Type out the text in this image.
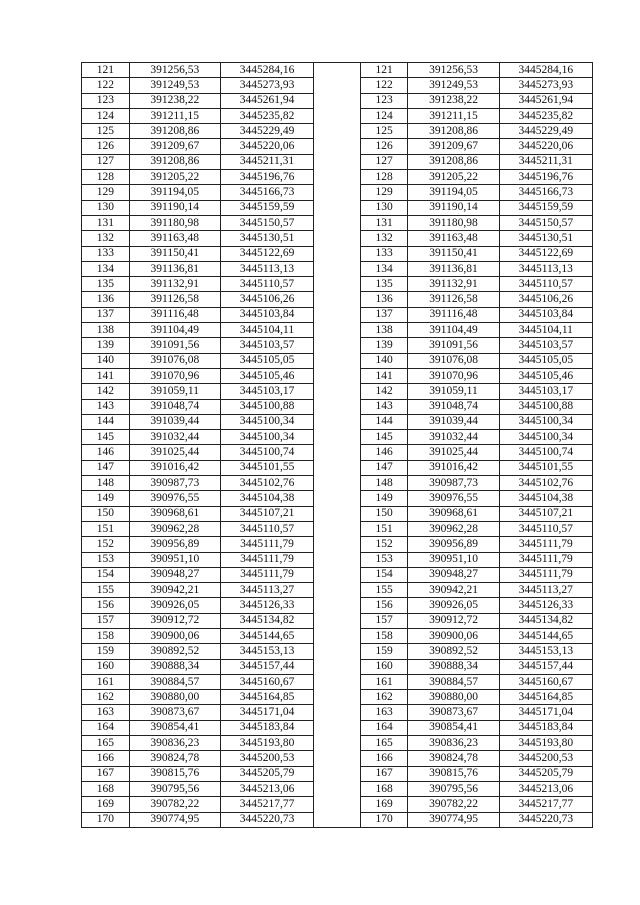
121	391256,53	3445284,16		121	391256,53	3445284,16
122	391249,53	3445273,93		122	391249,53	3445273,93
123	391238,22	3445261,94		123	391238,22	3445261,94
124	391211,15	3445235,82		124	391211,15	3445235,82
125	391208,86	3445229,49		125	391208,86	3445229,49
126	391209,67	3445220,06		126	391209,67	3445220,06
127	391208,86	3445211,31		127	391208,86	3445211,31
128	391205,22	3445196,76		128	391205,22	3445196,76
129	391194,05	3445166,73		129	391194,05	3445166,73
130	391190,14	3445159,59		130	391190,14	3445159,59
131	391180,98	3445150,57		131	391180,98	3445150,57
132	391163,48	3445130,51		132	391163,48	3445130,51
133	391150,41	3445122,69		133	391150,41	3445122,69
134	391136,81	3445113,13		134	391136,81	3445113,13
135	391132,91	3445110,57		135	391132,91	3445110,57
136	391126,58	3445106,26		136	391126,58	3445106,26
137	391116,48	3445103,84		137	391116,48	3445103,84
138	391104,49	3445104,11		138	391104,49	3445104,11
139	391091,56	3445103,57		139	391091,56	3445103,57
140	391076,08	3445105,05		140	391076,08	3445105,05
141	391070,96	3445105,46		141	391070,96	3445105,46
142	391059,11	3445103,17		142	391059,11	3445103,17
143	391048,74	3445100,88		143	391048,74	3445100,88
144	391039,44	3445100,34		144	391039,44	3445100,34
145	391032,44	3445100,34		145	391032,44	3445100,34
146	391025,44	3445100,74		146	391025,44	3445100,74
147	391016,42	3445101,55		147	391016,42	3445101,55
148	390987,73	3445102,76		148	390987,73	3445102,76
149	390976,55	3445104,38		149	390976,55	3445104,38
150	390968,61	3445107,21		150	390968,61	3445107,21
151	390962,28	3445110,57		151	390962,28	3445110,57
152	390956,89	3445111,79		152	390956,89	3445111,79
153	390951,10	3445111,79		153	390951,10	3445111,79
154	390948,27	3445111,79		154	390948,27	3445111,79
155	390942,21	3445113,27		155	390942,21	3445113,27
156	390926,05	3445126,33		156	390926,05	3445126,33
157	390912,72	3445134,82		157	390912,72	3445134,82
158	390900,06	3445144,65		158	390900,06	3445144,65
159	390892,52	3445153,13		159	390892,52	3445153,13
160	390888,34	3445157,44		160	390888,34	3445157,44
161	390884,57	3445160,67		161	390884,57	3445160,67
162	390880,00	3445164,85		162	390880,00	3445164,85
163	390873,67	3445171,04		163	390873,67	3445171,04
164	390854,41	3445183,84		164	390854,41	3445183,84
165	390836,23	3445193,80		165	390836,23	3445193,80
166	390824,78	3445200,53		166	390824,78	3445200,53
167	390815,76	3445205,79		167	390815,76	3445205,79
168	390795,56	3445213,06		168	390795,56	3445213,06
169	390782,22	3445217,77		169	390782,22	3445217,77
170	390774,95	3445220,73		170	390774,95	3445220,73
